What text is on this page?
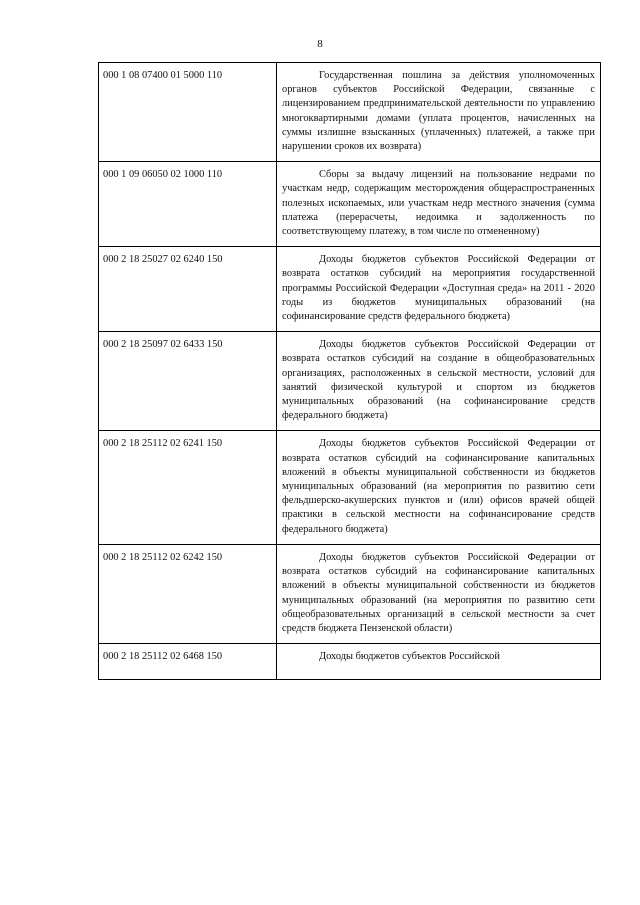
8
000 1 08 07400 01 5000 110	Государственная пошлина за действия уполномоченных органов субъектов Российской Федерации, связанные с лицензированием предпринимательской деятельности по управлению многоквартирными домами (уплата процентов, начисленных на суммы излишне взысканных (уплаченных) платежей, а также при нарушении сроков их возврата)
000 1 09 06050 02 1000 110	Сборы за выдачу лицензий на пользование недрами по участкам недр, содержащим месторождения общераспространенных полезных ископаемых, или участкам недр местного значения (сумма платежа (перерасчеты, недоимка и задолженность по соответствующему платежу, в том числе по отмененному)
000 2 18 25027 02 6240 150	Доходы бюджетов субъектов Российской Федерации от возврата остатков субсидий на мероприятия государственной программы Российской Федерации «Доступная среда» на 2011 - 2020 годы из бюджетов муниципальных образований (на софинансирование средств федерального бюджета)
000 2 18 25097 02 6433 150	Доходы бюджетов субъектов Российской Федерации от возврата остатков субсидий на создание в общеобразовательных организациях, расположенных в сельской местности, условий для занятий физической культурой и спортом из бюджетов муниципальных образований (на софинансирование средств федерального бюджета)
000 2 18 25112 02 6241 150	Доходы бюджетов субъектов Российской Федерации от возврата остатков субсидий на софинансирование капитальных вложений в объекты муниципальной собственности из бюджетов муниципальных образований (на мероприятия по развитию сети фельдшерско-акушерских пунктов и (или) офисов врачей общей практики в сельской местности на софинансирование средств федерального бюджета)
000 2 18 25112 02 6242 150	Доходы бюджетов субъектов Российской Федерации от возврата остатков субсидий на софинансирование капитальных вложений в объекты муниципальной собственности из бюджетов муниципальных образований (на мероприятия по развитию сети общеобразовательных организаций в сельской местности за счет средств бюджета Пензенской области)
000 2 18 25112 02 6468 150	Доходы бюджетов субъектов Российской
